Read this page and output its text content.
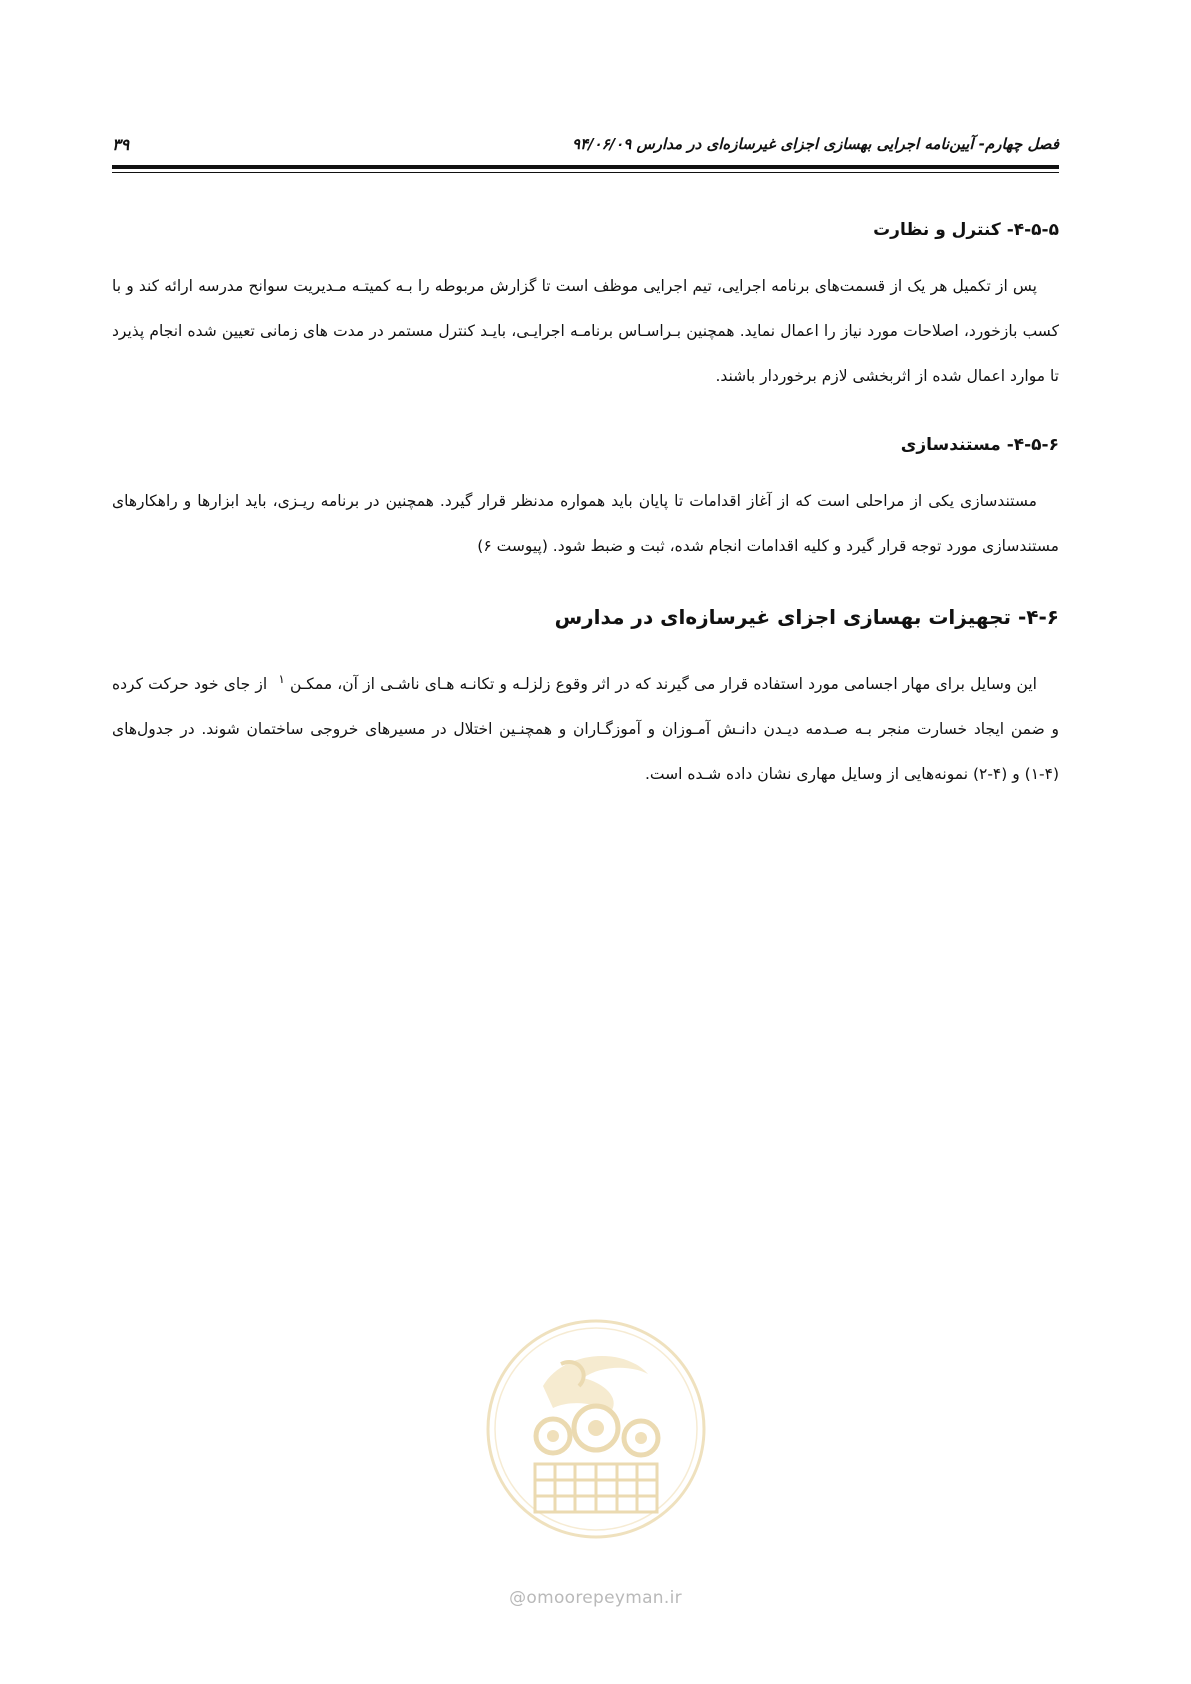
فصل چهارم- آیین‌نامه اجرایی بهسازی اجزای غیرسازه‌ای در مدارس ۹۴/۰۶/۰۹
۳۹
۴-۵-۵- کنترل و نظارت

پس از تکمیل هر یک از قسمت‌های برنامه اجرایی، تیم اجرایی موظف است تا گزارش مربوطه را بـه کمیتـه مـدیریت سوانح مدرسه ارائه کند و با کسب بازخورد، اصلاحات مورد نیاز را اعمال نماید. همچنین بـراسـاس برنامـه اجرایـی، بایـد کنترل مستمر در مدت های زمانی تعیین شده انجام پذیرد تا موارد اعمال شده از اثربخشی لازم برخوردار باشند.

۴-۵-۶- مستندسازی

مستندسازی یکی از مراحلی است که از آغاز اقدامات تا پایان باید همواره مدنظر قرار گیرد. همچنین در برنامه ریـزی، باید ابزارها و راهکارهای مستندسازی مورد توجه قرار گیرد و کلیه اقدامات انجام شده، ثبت و ضبط شود. (پیوست ۶)

۴-۶- تجهیزات بهسازی اجزای غیرسازه‌ای در مدارس

این وسایل برای مهار اجسامی مورد استفاده قرار می گیرند که در اثر وقوع زلزلـه و تکانـه هـای ناشـی از آن، ممکـن $^۱$ از جای خود حرکت کرده و ضمن ایجاد خسارت منجر بـه صـدمه دیـدن دانـش آمـوزان و آموزگـاران و همچنـین اختلال در مسیرهای خروجی ساختمان شوند. در جدول‌های (۴-۱) و (۴-۲) نمونه‌هایی از وسایل مهاری نشان داده شـده است.

@omoorepeyman.ir
